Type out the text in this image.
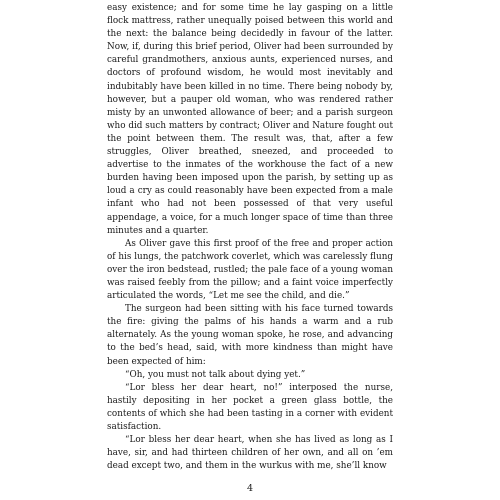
easy existence; and for some time he lay gasping on a little flock mattress, rather unequally poised between this world and the next: the balance being decidedly in favour of the latter. Now, if, during this brief period, Oliver had been surrounded by careful grandmothers, anxious aunts, experienced nurses, and doctors of profound wisdom, he would most inevitably and indubitably have been killed in no time. There being nobody by, however, but a pauper old woman, who was rendered rather misty by an unwonted allowance of beer; and a parish surgeon who did such matters by contract; Oliver and Nature fought out the point between them. The result was, that, after a few struggles, Oliver breathed, sneezed, and proceeded to advertise to the inmates of the workhouse the fact of a new burden having been imposed upon the parish, by setting up as loud a cry as could reasonably have been expected from a male infant who had not been possessed of that very useful appendage, a voice, for a much longer space of time than three minutes and a quarter.

As Oliver gave this first proof of the free and proper action of his lungs, the patchwork coverlet, which was carelessly flung over the iron bedstead, rustled; the pale face of a young woman was raised feebly from the pillow; and a faint voice imperfectly articulated the words, “Let me see the child, and die.”

The surgeon had been sitting with his face turned towards the fire: giving the palms of his hands a warm and a rub alternately. As the young woman spoke, he rose, and advancing to the bed’s head, said, with more kindness than might have been expected of him:

“Oh, you must not talk about dying yet.”

“Lor bless her dear heart, no!” interposed the nurse, hastily depositing in her pocket a green glass bottle, the contents of which she had been tasting in a corner with evident satisfaction.

“Lor bless her dear heart, when she has lived as long as I have, sir, and had thirteen children of her own, and all on ’em dead except two, and them in the wurkus with me, she’ll know

4
